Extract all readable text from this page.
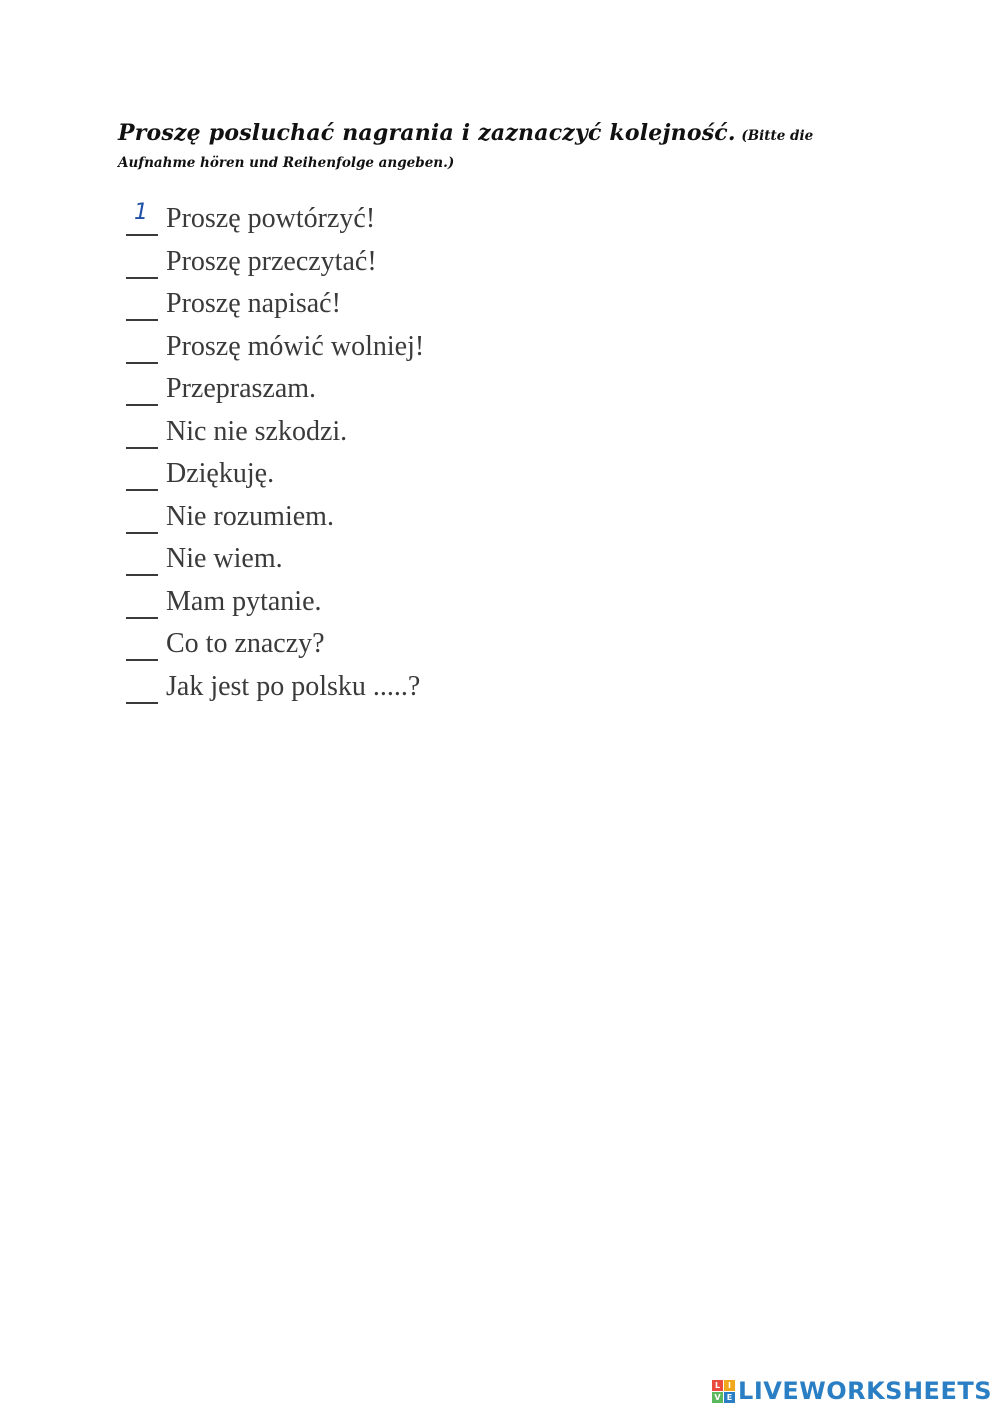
Proszę posluchać nagrania i zaznaczyć kolejność. (Bitte die Aufnahme hören und Reihenfolge angeben.)
1 Proszę powtórzyć!
Proszę przeczytać!
Proszę napisać!
Proszę mówić wolniej!
Przepraszam.
Nic nie szkodzi.
Dziękuję.
Nie rozumiem.
Nie wiem.
Mam pytanie.
Co to znaczy?
Jak jest po polsku .....?
L I
V E LIVEWORKSHEETS
